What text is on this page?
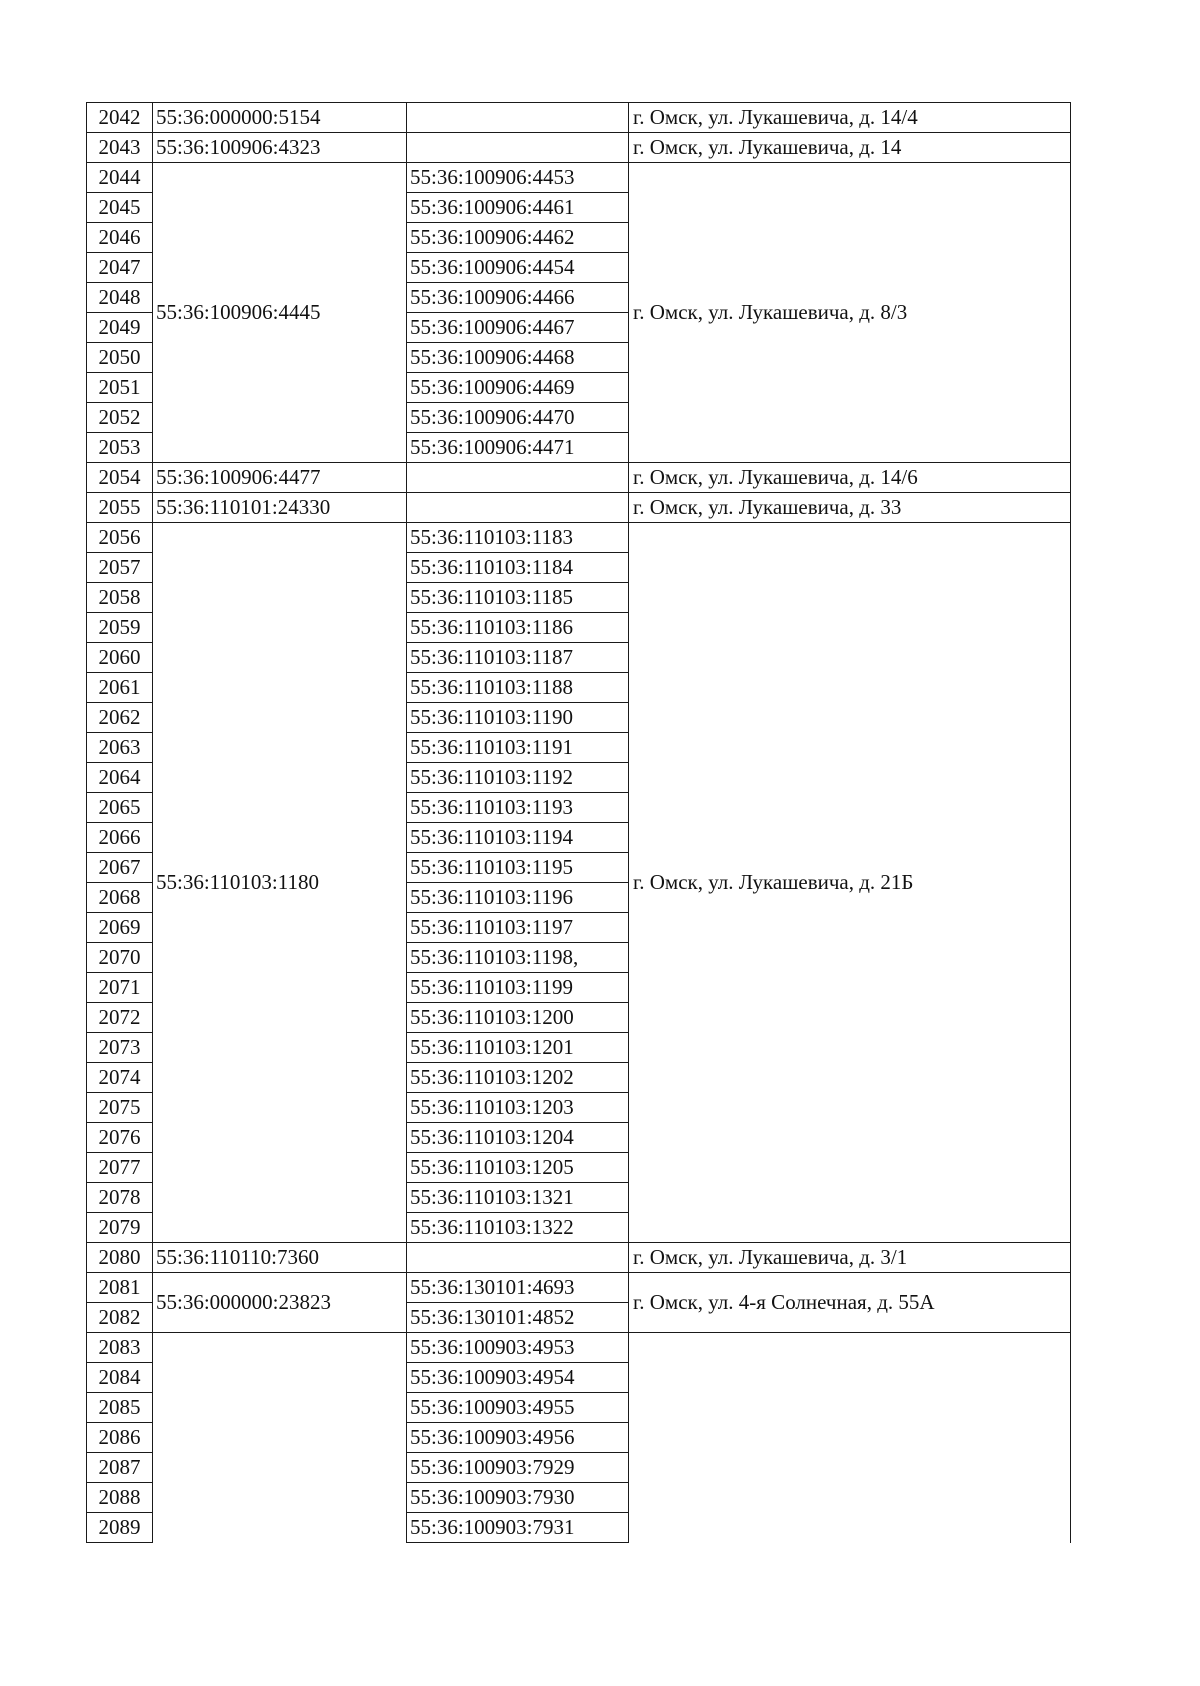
2042	55:36:000000:5154		г. Омск, ул. Лукашевича, д. 14/4
2043	55:36:100906:4323		г. Омск, ул. Лукашевича, д. 14
2044	55:36:100906:4445	55:36:100906:4453	г. Омск, ул. Лукашевича, д. 8/3
2045		55:36:100906:4461	
2046		55:36:100906:4462	
2047		55:36:100906:4454	
2048		55:36:100906:4466	
2049		55:36:100906:4467	
2050		55:36:100906:4468	
2051		55:36:100906:4469	
2052		55:36:100906:4470	
2053		55:36:100906:4471	
2054	55:36:100906:4477		г. Омск, ул. Лукашевича, д. 14/6
2055	55:36:110101:24330		г. Омск, ул. Лукашевича, д. 33
2056	55:36:110103:1180	55:36:110103:1183	г. Омск, ул. Лукашевича, д. 21Б
2057		55:36:110103:1184	
2058		55:36:110103:1185	
2059		55:36:110103:1186	
2060		55:36:110103:1187	
2061		55:36:110103:1188	
2062		55:36:110103:1190	
2063		55:36:110103:1191	
2064		55:36:110103:1192	
2065		55:36:110103:1193	
2066		55:36:110103:1194	
2067		55:36:110103:1195	
2068		55:36:110103:1196	
2069		55:36:110103:1197	
2070		55:36:110103:1198,	
2071		55:36:110103:1199	
2072		55:36:110103:1200	
2073		55:36:110103:1201	
2074		55:36:110103:1202	
2075		55:36:110103:1203	
2076		55:36:110103:1204	
2077		55:36:110103:1205	
2078		55:36:110103:1321	
2079		55:36:110103:1322	
2080	55:36:110110:7360		г. Омск, ул. Лукашевича, д. 3/1
2081	55:36:000000:23823	55:36:130101:4693	г. Омск, ул. 4-я Солнечная, д. 55А
2082		55:36:130101:4852	
2083		55:36:100903:4953	
2084		55:36:100903:4954	
2085		55:36:100903:4955	
2086		55:36:100903:4956	
2087		55:36:100903:7929	
2088		55:36:100903:7930	
2089		55:36:100903:7931	
